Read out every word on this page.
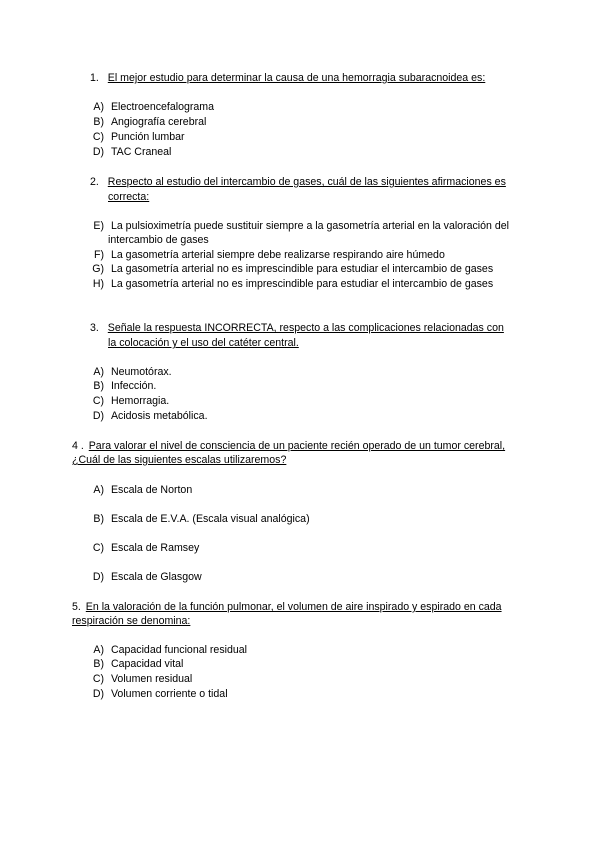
1. El mejor estudio para determinar la causa de una hemorragia subaracnoidea es:
A) Electroencefalograma
B) Angiografía cerebral
C) Punción lumbar
D) TAC Craneal
2. Respecto al estudio del intercambio de gases, cuál de las siguientes afirmaciones es
correcta:
E) La pulsioximetría puede sustituir siempre a la gasometría arterial en la valoración del
intercambio de gases
F) La gasometría arterial siempre debe realizarse respirando aire húmedo
G) La gasometría arterial no es imprescindible para estudiar el intercambio de gases
H) La gasometría arterial no es imprescindible para estudiar el intercambio de gases
3. Señale la respuesta INCORRECTA, respecto a las complicaciones relacionadas con
la colocación y el uso del catéter central.
A) Neumotórax.
B) Infección.
C) Hemorragia.
D) Acidosis metabólica.
4 . Para valorar el nivel de consciencia de un paciente recién operado de un tumor cerebral,
¿Cuál de las siguientes escalas utilizaremos?
A) Escala de Norton
B) Escala de E.V.A. (Escala visual analógica)
C) Escala de Ramsey
D) Escala de Glasgow
5. En la valoración de la función pulmonar, el volumen de aire inspirado y espirado en cada
respiración se denomina:
A) Capacidad funcional residual
B) Capacidad vital
C) Volumen residual
D) Volumen corriente o tidal
